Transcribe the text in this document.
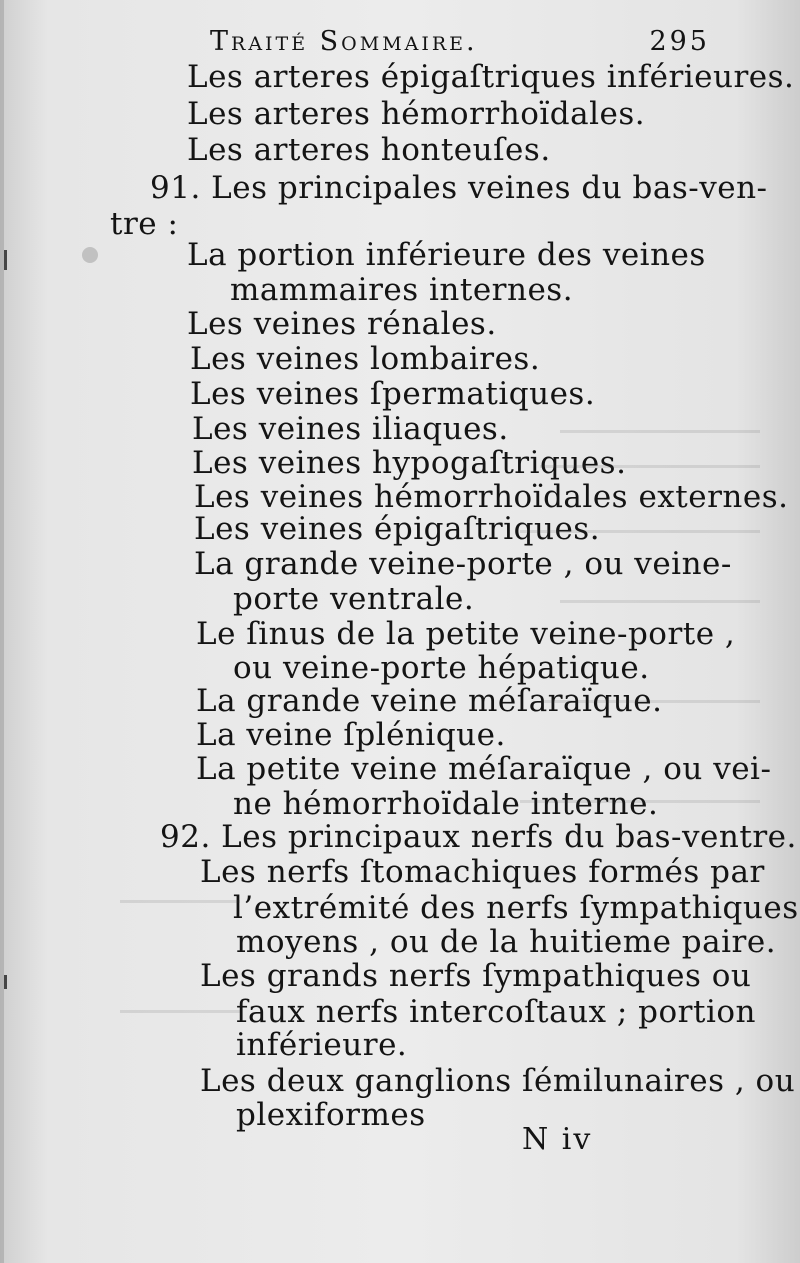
Traité Sommaire.	295
Les arteres épigaſtriques inférieures.
Les arteres hémorrhoïdales.
Les arteres honteuſes.
91. Les principales veines du bas-ven-
tre :
La portion inférieure des veines
mammaires internes.
Les veines rénales.
Les veines lombaires.
Les veines ſpermatiques.
Les veines iliaques.
Les veines hypogaſtriques.
Les veines hémorrhoïdales externes.
Les veines épigaſtriques.
La grande veine-porte , ou veine-
porte ventrale.
Le ſinus de la petite veine-porte ,
ou veine-porte hépatique.
La grande veine méſaraïque.
La veine ſplénique.
La petite veine méſaraïque , ou vei-
ne hémorrhoïdale interne.
92. Les principaux nerfs du bas-ventre.
Les nerfs ſtomachiques formés par
l’extrémité des nerfs ſympathiques
moyens , ou de la huitieme paire.
Les grands nerfs ſympathiques ou
faux nerfs intercoſtaux ; portion
inférieure.
Les deux ganglions ſémilunaires , ou
plexiformes
N iv
